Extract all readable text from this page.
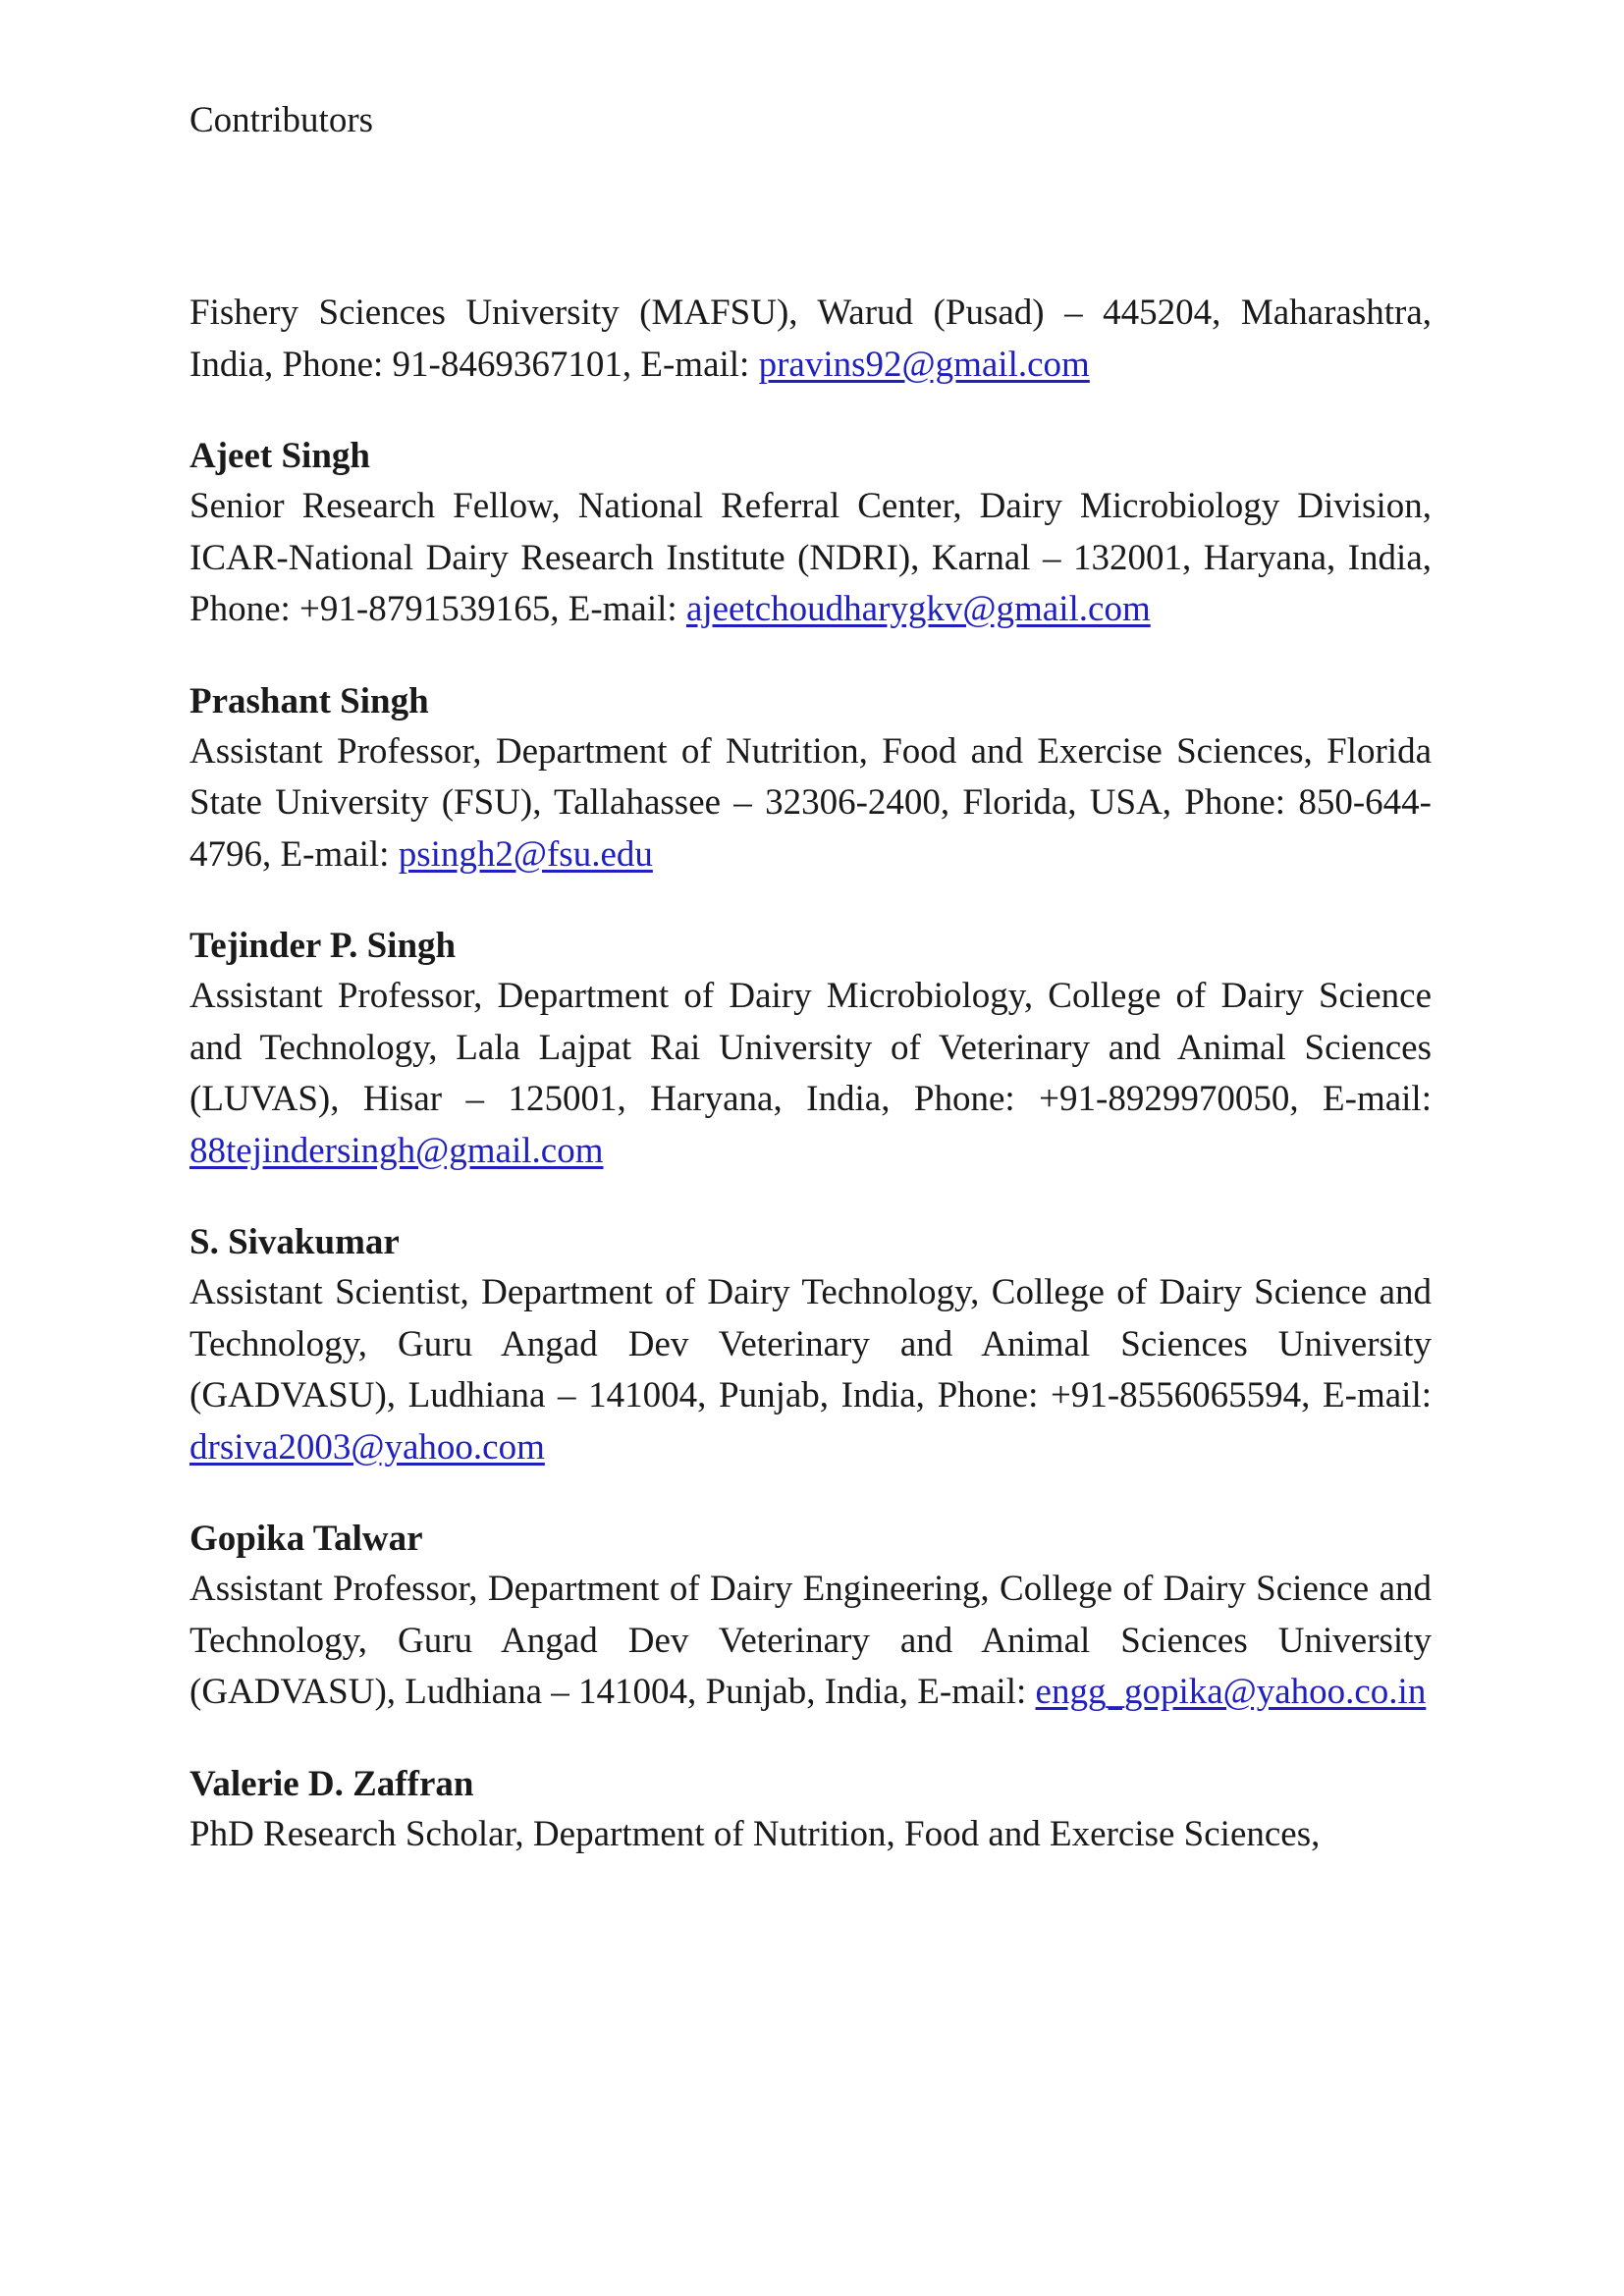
Contributors

Fishery Sciences University (MAFSU), Warud (Pusad) – 445204, Maharashtra, India, Phone: 91-8469367101, E-mail: pravins92@gmail.com

Ajeet Singh

Senior Research Fellow, National Referral Center, Dairy Microbiology Division, ICAR-National Dairy Research Institute (NDRI), Karnal – 132001, Haryana, India, Phone: +91-8791539165, E-mail: ajeetchoudharygkv@gmail.com

Prashant Singh

Assistant Professor, Department of Nutrition, Food and Exercise Sciences, Florida State University (FSU), Tallahassee – 32306-2400, Florida, USA, Phone: 850-644-4796, E-mail: psingh2@fsu.edu

Tejinder P. Singh

Assistant Professor, Department of Dairy Microbiology, College of Dairy Science and Technology, Lala Lajpat Rai University of Veterinary and Animal Sciences (LUVAS), Hisar – 125001, Haryana, India, Phone: +91-8929970050, E-mail: 88tejindersingh@gmail.com

S. Sivakumar

Assistant Scientist, Department of Dairy Technology, College of Dairy Science and Technology, Guru Angad Dev Veterinary and Animal Sciences University (GADVASU), Ludhiana – 141004, Punjab, India, Phone: +91-8556065594, E-mail: drsiva2003@yahoo.com

Gopika Talwar

Assistant Professor, Department of Dairy Engineering, College of Dairy Science and Technology, Guru Angad Dev Veterinary and Animal Sciences University (GADVASU), Ludhiana – 141004, Punjab, India, E-mail: engg_gopika@yahoo.co.in

Valerie D. Zaffran

PhD Research Scholar, Department of Nutrition, Food and Exercise Sciences,
